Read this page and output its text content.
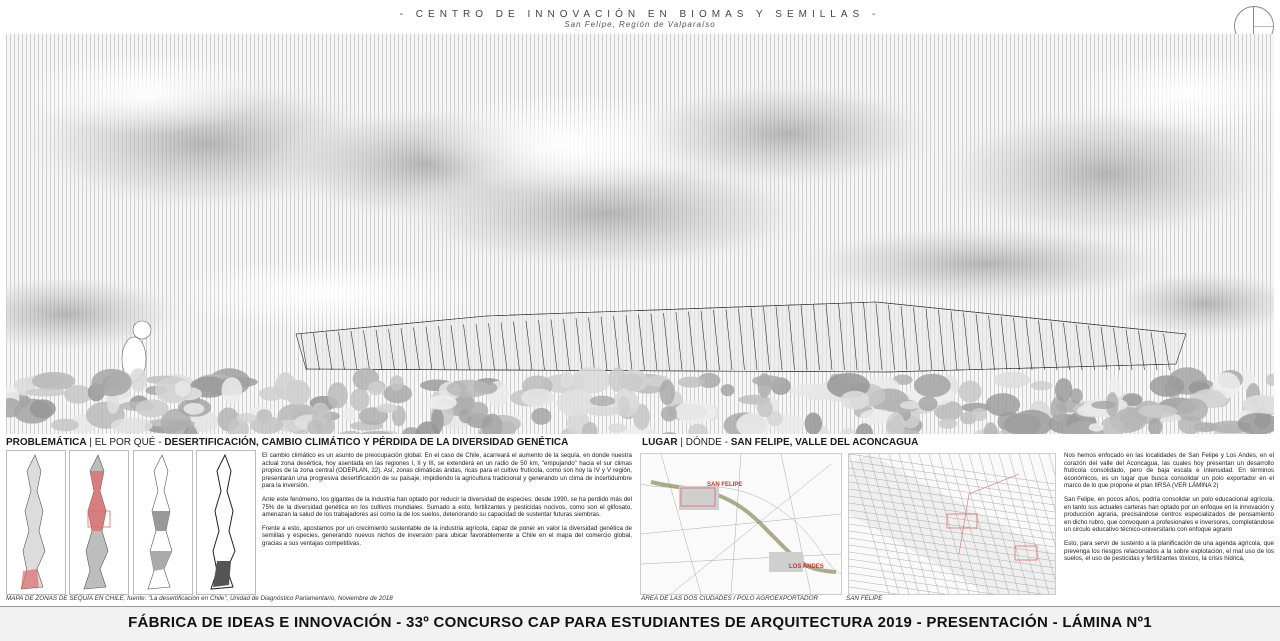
- CENTRO DE INNOVACIÓN EN BIOMAS Y SEMILLAS -
San Felipe, Región de Valparaíso
PROBLEMÁTICA | EL POR QUÉ - DESERTIFICACIÓN, CAMBIO CLIMÁTICO Y PÉRDIDA DE LA DIVERSIDAD GENÉTICA

El cambio climático es un asunto de preocupación global. En el caso de Chile, acarreará el aumento de la sequía, en donde nuestra actual zona desértica, hoy asentada en las regiones I, II y III, se extenderá en un radio de 50 km, "empujando" hacia el sur climas propios de la zona central (ODEPLAN, 22). Así, zonas climáticas áridas, ricas para el cultivo frutícola, como son hoy la IV y V región, presentarán una progresiva desertificación de su paisaje, impidiendo la agricultura tradicional y generando un clima de incertidumbre para la inversión.

Ante este fenómeno, los gigantes de la industria han optado por reducir la diversidad de especies: desde 1990, se ha perdido más del 75% de la diversidad genética en los cultivos mundiales. Sumado a esto, fertilizantes y pesticidas nocivos, como son el glifosato, amenazan la salud de los trabajadores así como la de los suelos, deteriorando su capacidad de sustentar futuras siembras.

Frente a esto, apostamos por un crecimiento sustentable de la industria agrícola, capaz de poner en valor la diversidad genética de semillas y especies, generando nuevos nichos de inversión para ubicar favorablemente a Chile en el mapa del comercio global, gracias a sus ventajas competitivas.

MAPA DE ZONAS DE SEQUÍA EN CHILE, fuente: "La desertificación en Chile", Unidad de Diagnóstico Parlamentario, Noviembre de 2018
LUGAR | DÓNDE - SAN FELIPE, VALLE DEL ACONCAGUA
SAN FELIPE
LOS ANDES
ÁREA DE LAS DOS CIUDADES / POLO AGROEXPORTADOR	SAN FELIPE

Nos hemos enfocado en las localidades de San Felipe y Los Andes, en el corazón del valle del Aconcagua, las cuales hoy presentan un desarrollo frutícola consolidado, pero de baja escala e intensidad. En términos económicos, es un lugar que busca consolidar un polo exportador en el marco de lo que propone el plan IIRSA (VER LÁMINA 2)

San Felipe, en pocos años, podría consolidar un polo educacional agrícola, en tanto sus actuales carteras han optado por un enfoque en la innovación y producción agraria, precisándose centros especializados de pensamiento en dicho rubro, que convoquen a profesionales e inversores, completándose un circulo educativo técnico-universitario con enfoque agrario

Esto, para servir de sustento a la planificación de una agenda agrícola, que prevenga los riesgos relacionados a la sobre explotación, el mal uso de los suelos, el uso de pesticidas y fertilizantes tóxicos, la crisis hídrica,

FÁBRICA DE IDEAS E INNOVACIÓN - 33º CONCURSO CAP PARA ESTUDIANTES DE ARQUITECTURA 2019 - PRESENTACIÓN - LÁMINA Nº1
